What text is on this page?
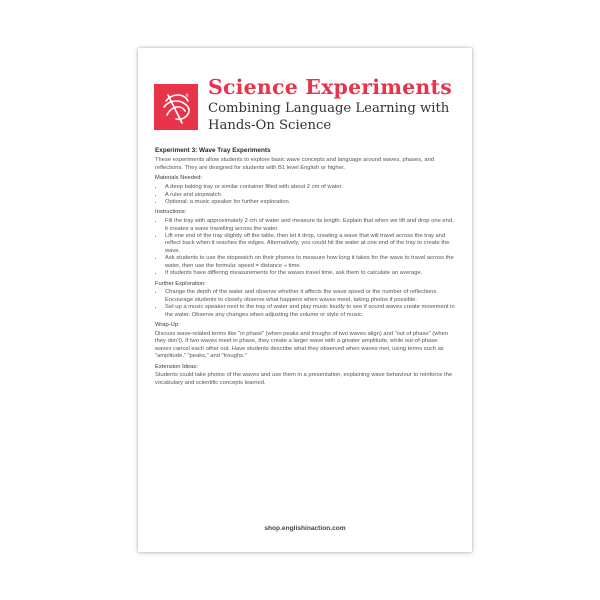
® Science Experiments
Combining Language Learning with Hands-On Science

Experiment 3: Wave Tray Experiments

These experiments allow students to explore basic wave concepts and language around waves, phases, and reflections. They are designed for students with B1 level English or higher.

Materials Needed:

• A deep baking tray or similar container filled with about 2 cm of water.
• A ruler and stopwatch.
• Optional: a music speaker for further exploration.

Instructions:

• Fill the tray with approximately 2 cm of water and measure its length. Explain that when we lift and drop one end, it creates a wave travelling across the water.
• Lift one end of the tray slightly off the table, then let it drop, creating a wave that will travel across the tray and reflect back when it reaches the edges. Alternatively, you could hit the water at one end of the tray to create the wave.
• Ask students to use the stopwatch on their phones to measure how long it takes for the wave to travel across the water, then use the formula: speed = distance ÷ time.
• If students have differing measurements for the waves travel time, ask them to calculate an average.

Further Exploration:

• Change the depth of the water and observe whether it affects the wave speed or the number of reflections. Encourage students to closely observe what happens when waves meet, taking photos if possible.
• Set up a music speaker next to the tray of water and play music loudly to see if sound waves create movement in the water. Observe any changes when adjusting the volume or style of music.

Wrap-Up:

Discuss wave-related terms like "in phase" (when peaks and troughs of two waves align) and "out of phase" (when they don't). If two waves meet in phase, they create a larger wave with a greater amplitude, while out-of-phase waves cancel each other out. Have students describe what they observed when waves met, using terms such as "amplitude," "peaks," and "troughs."

Extension Ideas:

Students could take photos of the waves and use them in a presentation, explaining wave behaviour to reinforce the vocabulary and scientific concepts learned.

shop.englishinaction.com
